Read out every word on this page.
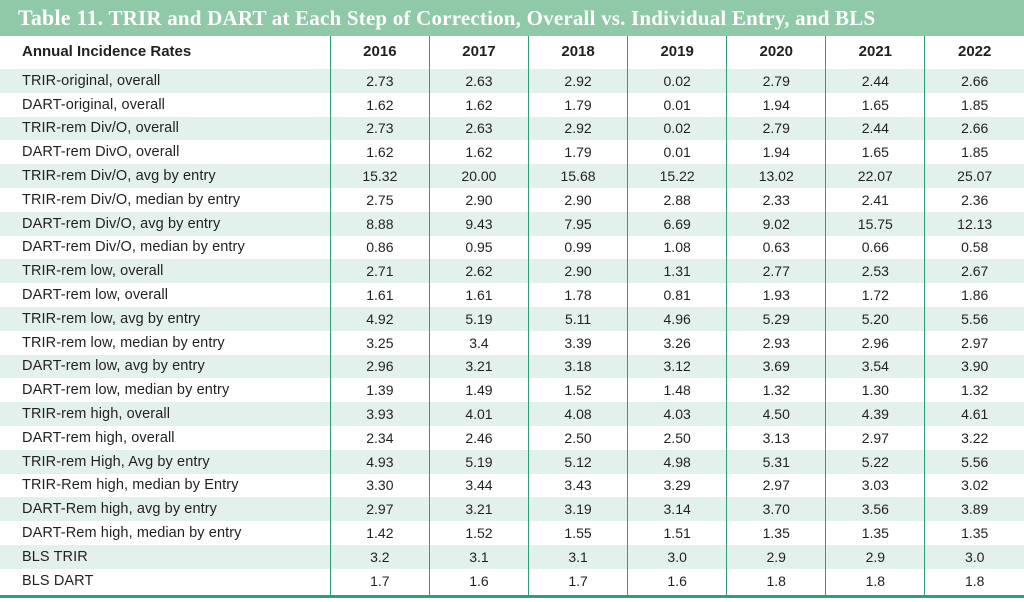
Table 11. TRIR and DART at Each Step of Correction, Overall vs. Individual Entry, and BLS
Annual Incidence Rates	2016	2017	2018	2019	2020	2021	2022
TRIR-original, overall	2.73	2.63	2.92	0.02	2.79	2.44	2.66
DART-original, overall	1.62	1.62	1.79	0.01	1.94	1.65	1.85
TRIR-rem Div/O, overall	2.73	2.63	2.92	0.02	2.79	2.44	2.66
DART-rem DivO, overall	1.62	1.62	1.79	0.01	1.94	1.65	1.85
TRIR-rem Div/O, avg by entry	15.32	20.00	15.68	15.22	13.02	22.07	25.07
TRIR-rem Div/O, median by entry	2.75	2.90	2.90	2.88	2.33	2.41	2.36
DART-rem Div/O, avg by entry	8.88	9.43	7.95	6.69	9.02	15.75	12.13
DART-rem Div/O, median by entry	0.86	0.95	0.99	1.08	0.63	0.66	0.58
TRIR-rem low, overall	2.71	2.62	2.90	1.31	2.77	2.53	2.67
DART-rem low, overall	1.61	1.61	1.78	0.81	1.93	1.72	1.86
TRIR-rem low, avg by entry	4.92	5.19	5.11	4.96	5.29	5.20	5.56
TRIR-rem low, median by entry	3.25	3.4	3.39	3.26	2.93	2.96	2.97
DART-rem low, avg by entry	2.96	3.21	3.18	3.12	3.69	3.54	3.90
DART-rem low, median by entry	1.39	1.49	1.52	1.48	1.32	1.30	1.32
TRIR-rem high, overall	3.93	4.01	4.08	4.03	4.50	4.39	4.61
DART-rem high, overall	2.34	2.46	2.50	2.50	3.13	2.97	3.22
TRIR-rem High, Avg by entry	4.93	5.19	5.12	4.98	5.31	5.22	5.56
TRIR-Rem high, median by Entry	3.30	3.44	3.43	3.29	2.97	3.03	3.02
DART-Rem high, avg by entry	2.97	3.21	3.19	3.14	3.70	3.56	3.89
DART-Rem high, median by entry	1.42	1.52	1.55	1.51	1.35	1.35	1.35
BLS TRIR	3.2	3.1	3.1	3.0	2.9	2.9	3.0
BLS DART	1.7	1.6	1.7	1.6	1.8	1.8	1.8
